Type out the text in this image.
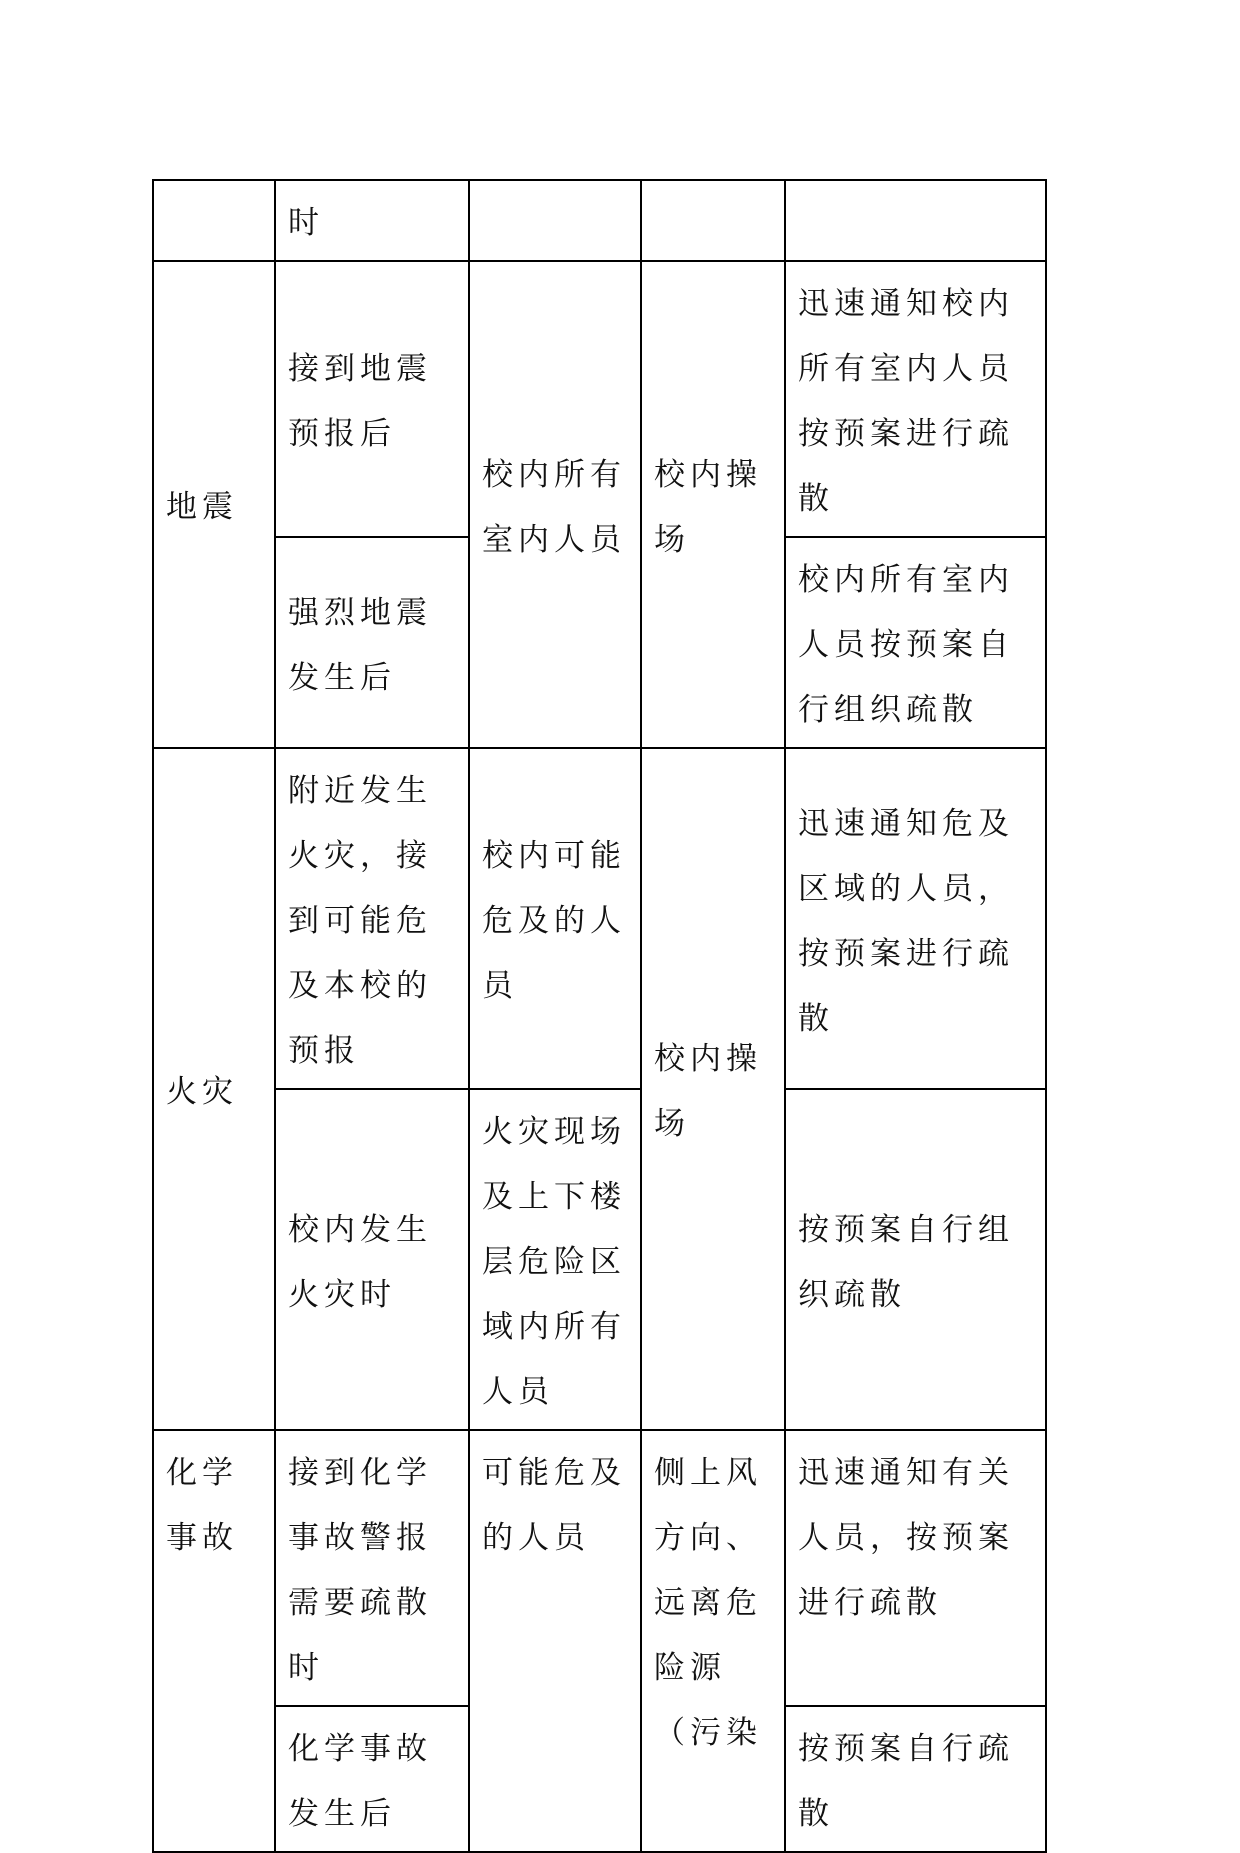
	时			
地震	接到地震预报后	校内所有室内人员	校内操场	迅速通知校内所有室内人员按预案进行疏散
	强烈地震发生后			校内所有室内人员按预案自行组织疏散
火灾	附近发生火灾，接到可能危及本校的预报	校内可能危及的人员	校内操场	迅速通知危及区域的人员，按预案进行疏散
	校内发生火灾时	火灾现场及上下楼层危险区域内所有人员		按预案自行组织疏散
化学事故	接到化学事故警报需要疏散时	可能危及的人员	侧上风方向、远离危险源（污染	迅速通知有关人员，按预案进行疏散
	化学事故发生后			按预案自行疏散
